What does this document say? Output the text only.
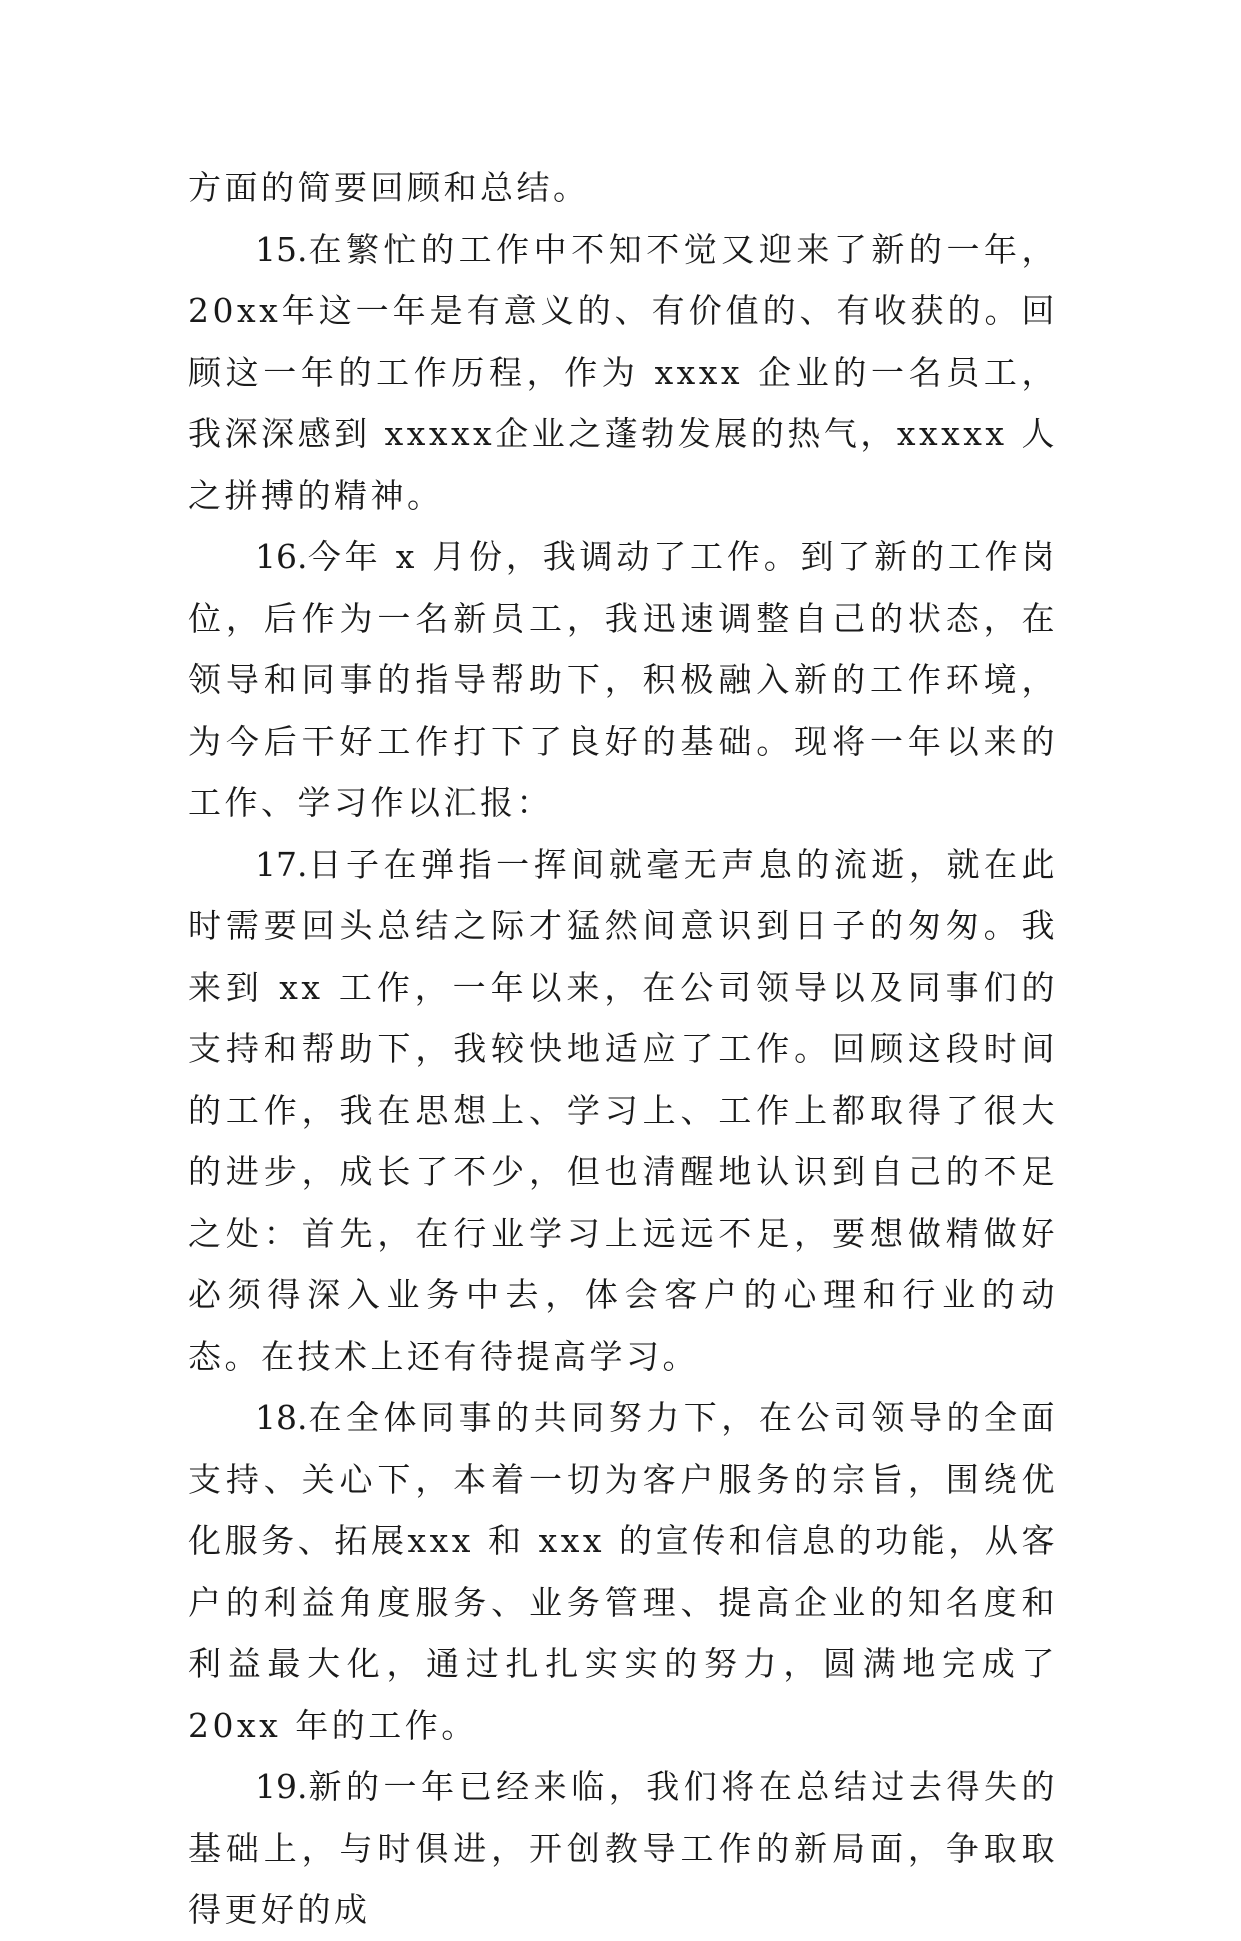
方面的简要回顾和总结。

15.在繁忙的工作中不知不觉又迎来了新的一年，20xx年这一年是有意义的、有价值的、有收获的。回顾这一年的工作历程，作为 xxxx 企业的一名员工，我深深感到 xxxxx企业之蓬勃发展的热气，xxxxx 人之拼搏的精神。

16.今年 x 月份，我调动了工作。到了新的工作岗位，后作为一名新员工，我迅速调整自己的状态，在领导和同事的指导帮助下，积极融入新的工作环境，为今后干好工作打下了良好的基础。现将一年以来的工作、学习作以汇报：

17.日子在弹指一挥间就毫无声息的流逝，就在此时需要回头总结之际才猛然间意识到日子的匆匆。我来到 xx 工作，一年以来，在公司领导以及同事们的支持和帮助下，我较快地适应了工作。回顾这段时间的工作，我在思想上、学习上、工作上都取得了很大的进步，成长了不少，但也清醒地认识到自己的不足之处：首先，在行业学习上远远不足，要想做精做好必须得深入业务中去，体会客户的心理和行业的动态。在技术上还有待提高学习。

18.在全体同事的共同努力下，在公司领导的全面支持、关心下，本着一切为客户服务的宗旨，围绕优化服务、拓展xxx 和 xxx 的宣传和信息的功能，从客户的利益角度服务、业务管理、提高企业的知名度和利益最大化，通过扎扎实实的努力，圆满地完成了 20xx 年的工作。

19.新的一年已经来临，我们将在总结过去得失的基础上，与时俱进，开创教导工作的新局面，争取取得更好的成
